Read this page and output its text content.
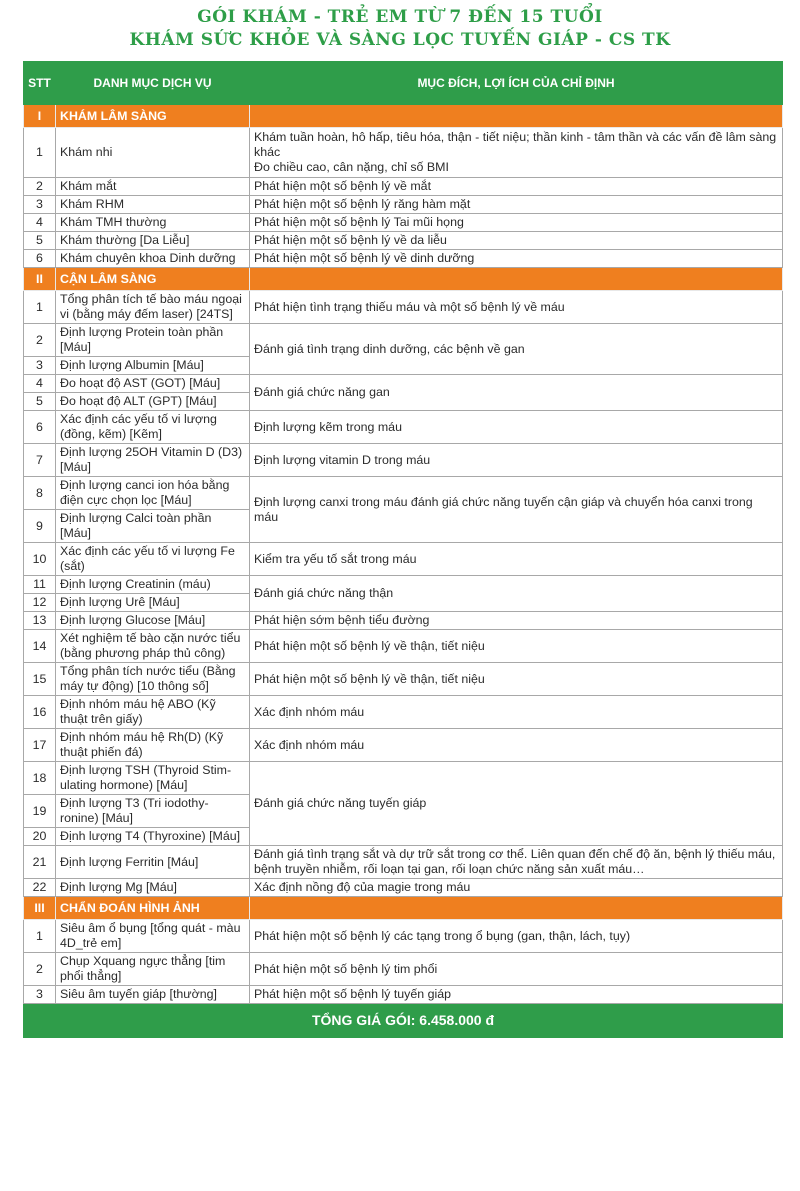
GÓI KHÁM - TRẺ EM TỪ 7 ĐẾN 15 TUỔI
KHÁM SỨC KHỎE VÀ SÀNG LỌC TUYẾN GIÁP - CS TK
STT	DANH MỤC DỊCH VỤ	MỤC ĐÍCH, LỢI ÍCH CỦA CHỈ ĐỊNH
I	KHÁM LÂM SÀNG	
1	Khám nhi	Khám tuần hoàn, hô hấp, tiêu hóa, thận - tiết niệu; thần kinh - tâm thần và các vấn đề lâm sàng khác
Đo chiều cao, cân nặng, chỉ số BMI

2	Khám mắt	Phát hiện một số bệnh lý về mắt
3	Khám RHM	Phát hiện một số bệnh lý răng hàm mặt
4	Khám TMH thường	Phát hiện một số bệnh lý Tai mũi họng
5	Khám thường [Da Liễu]	Phát hiện một số bệnh lý về da liễu
6	Khám chuyên khoa Dinh dưỡng	Phát hiện một số bệnh lý về dinh dưỡng
II	CẬN LÂM SÀNG	
1	Tổng phân tích tế bào máu ngoại vi (bằng máy đếm laser) [24TS]	Phát hiện tình trạng thiếu máu và một số bệnh lý về máu
2	Định lượng Protein toàn phần [Máu]	Đánh giá tình trạng dinh dưỡng, các bệnh về gan
3	Định lượng Albumin [Máu]	
4	Đo hoạt độ AST (GOT) [Máu]	Đánh giá chức năng gan
5	Đo hoạt độ ALT (GPT) [Máu]	
6	Xác định các yếu tố vi lượng (đồng, kẽm) [Kẽm]	Định lượng kẽm trong máu
7	Định lượng 25OH Vitamin D (D3) [Máu]	Định lượng vitamin D trong máu
8	Định lượng canci ion hóa bằng điện cực chọn lọc [Máu]	Định lượng canxi trong máu đánh giá chức năng tuyến cận giáp và chuyển hóa canxi trong máu
9	Định lượng Calci toàn phần [Máu]	
10	Xác định các yếu tố vi lượng Fe (sắt)	Kiểm tra yếu tố sắt trong máu
11	Định lượng Creatinin (máu)	Đánh giá chức năng thận
12	Định lượng Urê [Máu]	
13	Định lượng Glucose [Máu]	Phát hiện sớm bệnh tiểu đường
14	Xét nghiệm tế bào cặn nước tiểu (bằng phương pháp thủ công)	Phát hiện một số bệnh lý về thận, tiết niệu
15	Tổng phân tích nước tiểu (Bằng máy tự động) [10 thông số]	Phát hiện một số bệnh lý về thận, tiết niệu
16	Định nhóm máu hệ ABO (Kỹ thuật trên giấy)	Xác định nhóm máu
17	Định nhóm máu hệ Rh(D) (Kỹ thuật phiến đá)	Xác định nhóm máu
18	Định lượng TSH (Thyroid Stim-ulating hormone) [Máu]	Đánh giá chức năng tuyến giáp
19	Định lượng T3 (Tri iodothy-ronine) [Máu]	
20	Định lượng T4 (Thyroxine) [Máu]	
21	Định lượng Ferritin [Máu]	Đánh giá tình trạng sắt và dự trữ sắt trong cơ thể. Liên quan đến chế độ ăn, bệnh lý thiếu máu, bệnh truyền nhiễm, rối loạn tại gan, rối loạn chức năng sản xuất máu…
22	Định lượng Mg [Máu]	Xác định nồng độ của magie trong máu
III	CHẨN ĐOÁN HÌNH ẢNH	
1	Siêu âm ổ bụng [tổng quát - màu 4D_trẻ em]	Phát hiện một số bệnh lý các tạng trong ổ bụng (gan, thận, lách, tụy)
2	Chụp Xquang ngực thẳng [tim phổi thẳng]	Phát hiện một số bệnh lý tim phổi
3	Siêu âm tuyến giáp [thường]	Phát hiện một số bệnh lý tuyến giáp
TỔNG GIÁ GÓI: 6.458.000 đ		
